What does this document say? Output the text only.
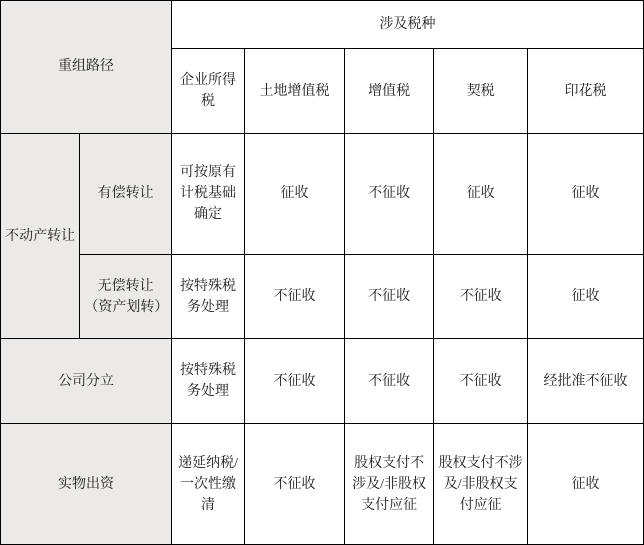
重组路径		涉及税种				
		企业所得税	土地增值税	增值税	契税	印花税
不动产转让	有偿转让	可按原有计税基础确定	征收	不征收	征收	征收
	无偿转让（资产划转）	按特殊税务处理	不征收	不征收	不征收	征收
公司分立		按特殊税务处理	不征收	不征收	不征收	经批准不征收
实物出资		递延纳税/一次性缴清	不征收	股权支付不涉及/非股权支付应征	股权支付不涉及/非股权支付应征	征收
